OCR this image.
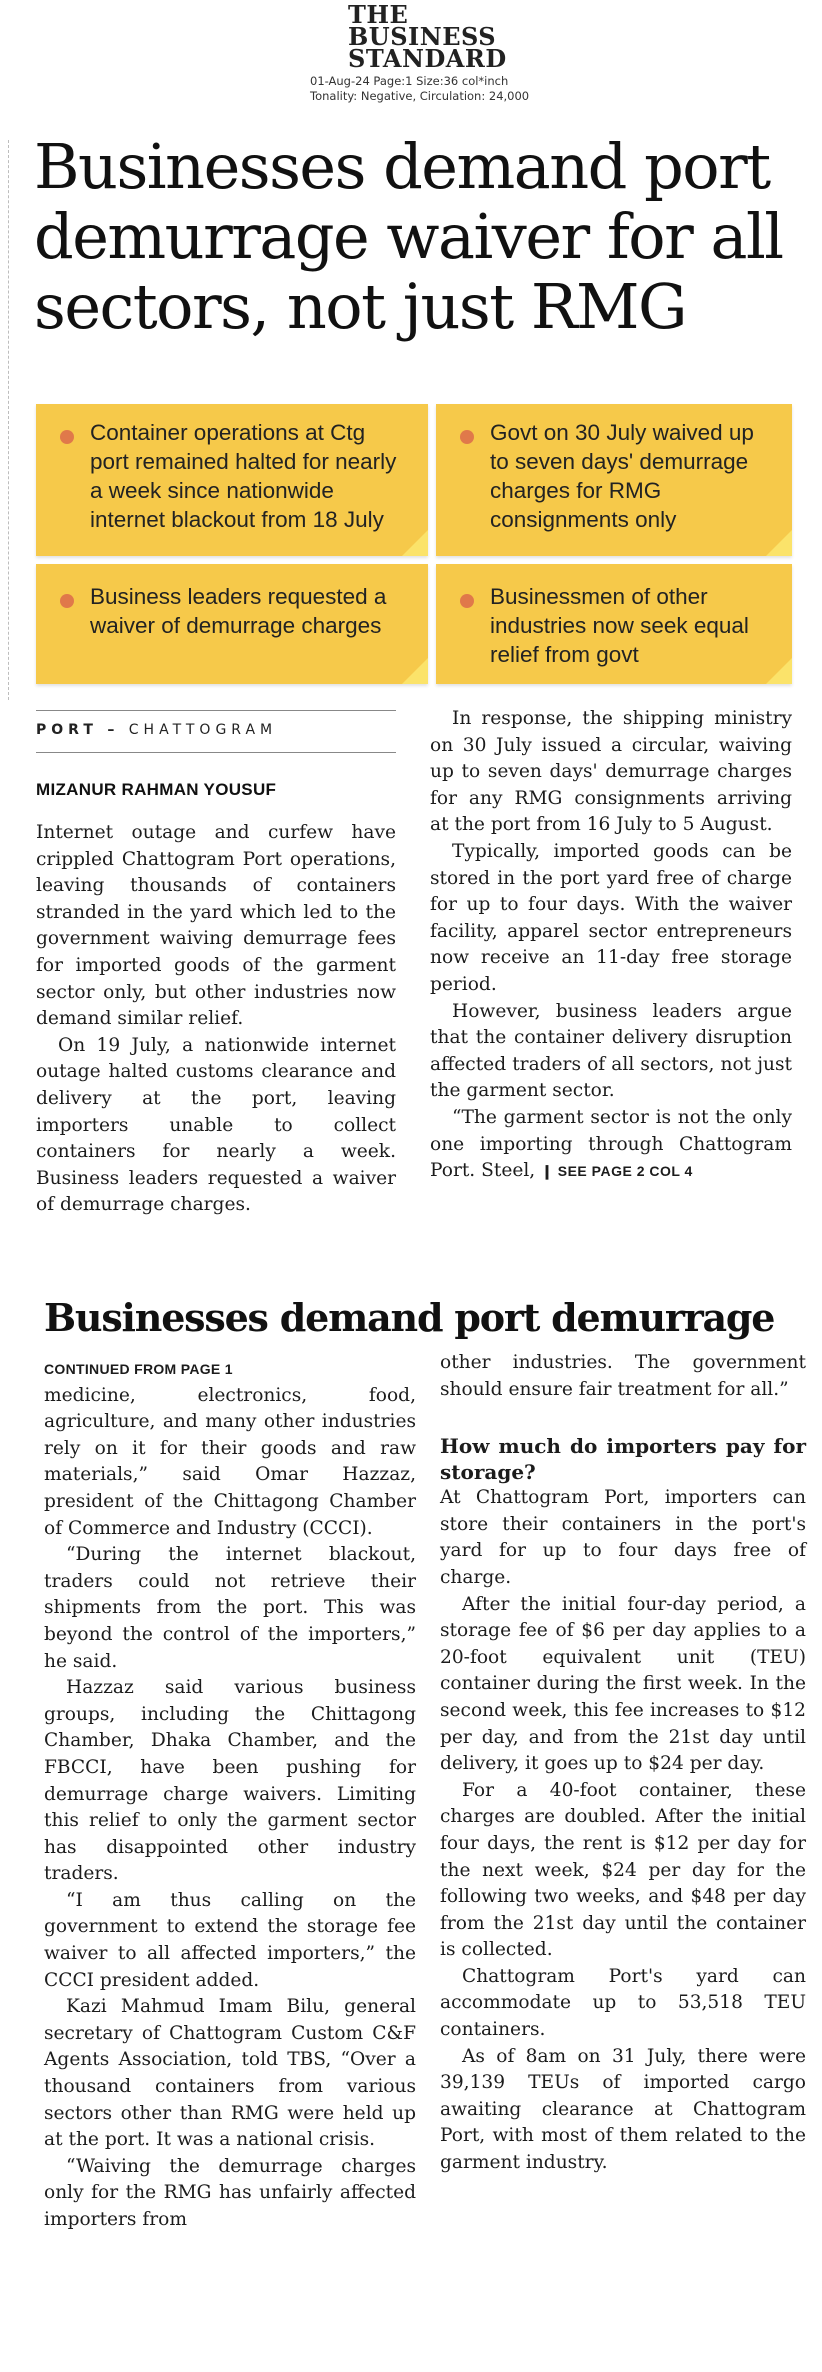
THE
BUSINESS
STANDARD
01-Aug-24 Page:1 Size:36 col*inch
Tonality: Negative, Circulation: 24,000
Businesses demand port demurrage waiver for all sectors, not just RMG
Container operations at Ctg port remained halted for nearly a week since nationwide internet blackout from 18 July
Govt on 30 July waived up to seven days' demurrage charges for RMG consignments only
Business leaders requested a waiver of demurrage charges
Businessmen of other industries now seek equal relief from govt
PORT – CHATTOGRAM
MIZANUR RAHMAN YOUSUF

Internet outage and curfew have crippled Chattogram Port operations, leaving thousands of containers stranded in the yard which led to the government waiving demurrage fees for imported goods of the garment sector only, but other industries now demand similar relief.

On 19 July, a nationwide internet outage halted customs clearance and delivery at the port, leaving importers unable to collect containers for nearly a week. Business leaders requested a waiver of demurrage charges.

In response, the shipping ministry on 30 July issued a circular, waiving up to seven days' demurrage charges for any RMG consignments arriving at the port from 16 July to 5 August.

Typically, imported goods can be stored in the port yard free of charge for up to four days. With the waiver facility, apparel sector entrepreneurs now receive an 11-day free storage period.

However, business leaders argue that the container delivery disruption affected traders of all sectors, not just the garment sector.

“The garment sector is not the only one importing through Chattogram Port. Steel, ❙ SEE PAGE 2 COL 4

Businesses demand port demurrage
CONTINUED FROM PAGE 1

medicine, electronics, food, agriculture, and many other industries rely on it for their goods and raw materials,” said Omar Hazzaz, president of the Chittagong Chamber of Commerce and Industry (CCCI).

“During the internet blackout, traders could not retrieve their shipments from the port. This was beyond the control of the importers,” he said.

Hazzaz said various business groups, including the Chittagong Chamber, Dhaka Chamber, and the FBCCI, have been pushing for demurrage charge waivers. Limiting this relief to only the garment sector has disappointed other industry traders.

“I am thus calling on the government to extend the storage fee waiver to all affected importers,” the CCCI president added.

Kazi Mahmud Imam Bilu, general secretary of Chattogram Custom C&F Agents Association, told TBS, “Over a thousand containers from various sectors other than RMG were held up at the port. It was a national crisis.

“Waiving the demurrage charges only for the RMG has unfairly affected importers from

other industries. The government should ensure fair treatment for all.”

How much do importers pay for storage?

At Chattogram Port, importers can store their containers in the port's yard for up to four days free of charge.

After the initial four-day period, a storage fee of $6 per day applies to a 20-foot equivalent unit (TEU) container during the first week. In the second week, this fee increases to $12 per day, and from the 21st day until delivery, it goes up to $24 per day.

For a 40-foot container, these charges are doubled. After the initial four days, the rent is $12 per day for the next week, $24 per day for the following two weeks, and $48 per day from the 21st day until the container is collected.

Chattogram Port's yard can accommodate up to 53,518 TEU containers.

As of 8am on 31 July, there were 39,139 TEUs of imported cargo awaiting clearance at Chattogram Port, with most of them related to the garment industry.
